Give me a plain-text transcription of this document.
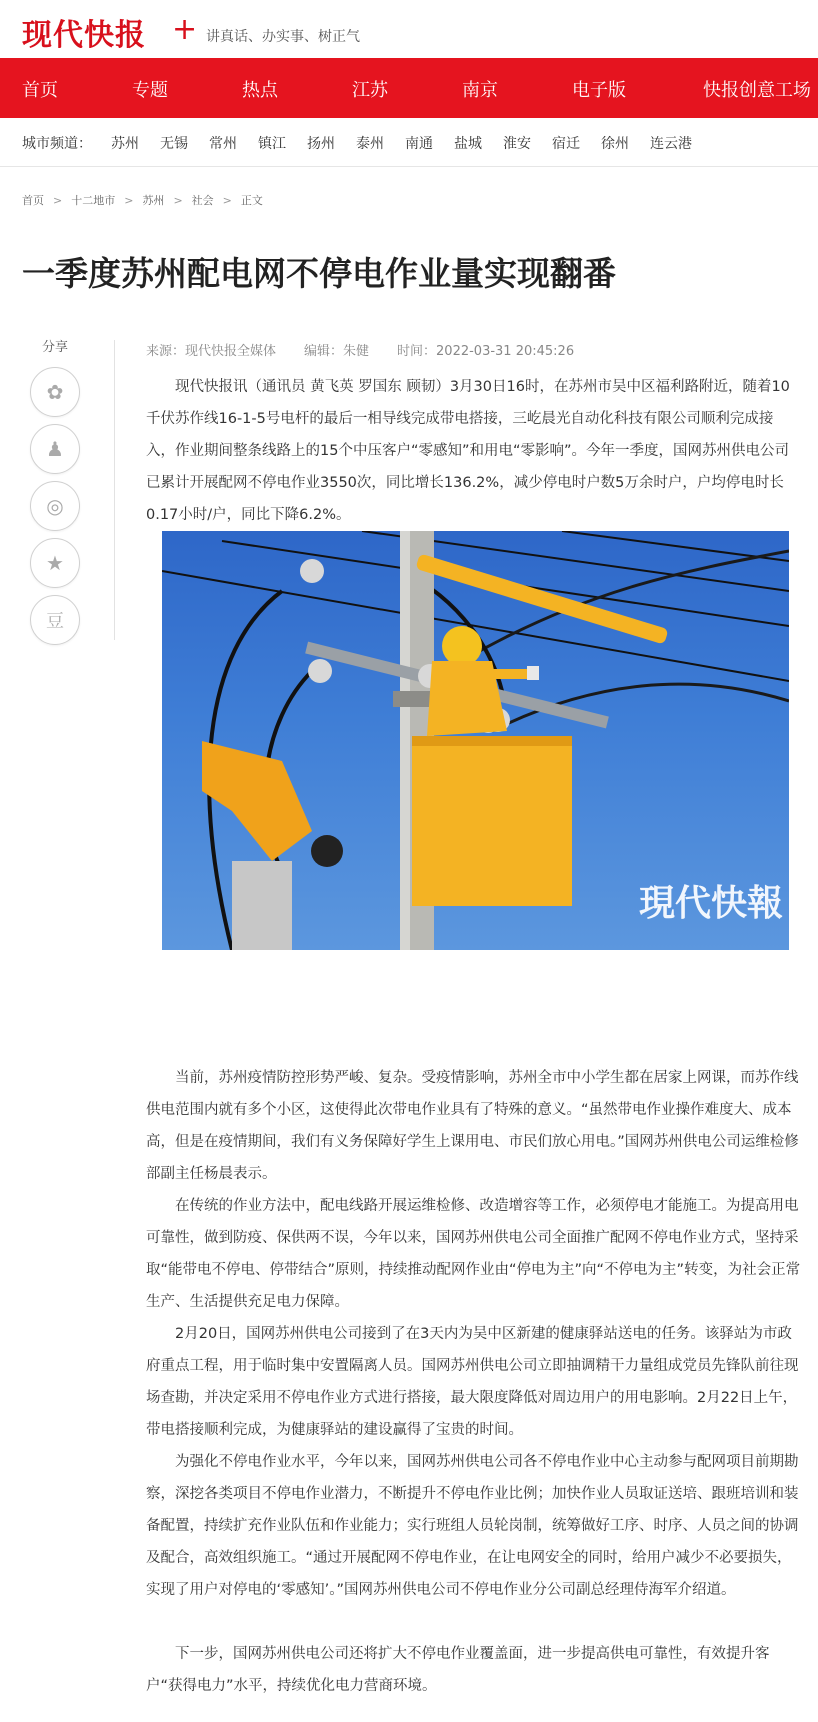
现代快报 + 讲真话、办实事、树正气
首页	专题	热点	江苏	南京	电子版	快报创意工场
城市频道： 苏州 无锡 常州 镇江 扬州 泰州 南通 盐城 淮安 宿迁 徐州 连云港
首页 > 十二地市 > 苏州 > 社会 > 正文
一季度苏州配电网不停电作业量实现翻番
分享
✿
♟
◎
★
豆
来源：现代快报全媒体 编辑：朱健 时间：2022-03-31 20:45:26

现代快报讯（通讯员 黄飞英 罗国东 顾韧）3月30日16时，在苏州市吴中区福利路附近，随着10千伏苏作线16-1-5号电杆的最后一相导线完成带电搭接，三屹晨光自动化科技有限公司顺利完成接入，作业期间整条线路上的15个中压客户“零感知”和用电“零影响”。今年一季度，国网苏州供电公司已累计开展配网不停电作业3550次，同比增长136.2%，减少停电时户数5万余时户，户均停电时长0.17小时/户，同比下降6.2%。

現代快報

当前，苏州疫情防控形势严峻、复杂。受疫情影响，苏州全市中小学生都在居家上网课，而苏作线供电范围内就有多个小区，这使得此次带电作业具有了特殊的意义。“虽然带电作业操作难度大、成本高，但是在疫情期间，我们有义务保障好学生上课用电、市民们放心用电。”国网苏州供电公司运维检修部副主任杨晨表示。

在传统的作业方法中，配电线路开展运维检修、改造增容等工作，必须停电才能施工。为提高用电可靠性，做到防疫、保供两不误，今年以来，国网苏州供电公司全面推广配网不停电作业方式，坚持采取“能带电不停电、停带结合”原则，持续推动配网作业由“停电为主”向“不停电为主”转变，为社会正常生产、生活提供充足电力保障。

2月20日，国网苏州供电公司接到了在3天内为吴中区新建的健康驿站送电的任务。该驿站为市政府重点工程，用于临时集中安置隔离人员。国网苏州供电公司立即抽调精干力量组成党员先锋队前往现场查勘，并决定采用不停电作业方式进行搭接，最大限度降低对周边用户的用电影响。2月22日上午，带电搭接顺利完成，为健康驿站的建设赢得了宝贵的时间。

为强化不停电作业水平，今年以来，国网苏州供电公司各不停电作业中心主动参与配网项目前期勘察，深挖各类项目不停电作业潜力，不断提升不停电作业比例；加快作业人员取证送培、跟班培训和装备配置，持续扩充作业队伍和作业能力；实行班组人员轮岗制，统筹做好工序、时序、人员之间的协调及配合，高效组织施工。“通过开展配网不停电作业，在让电网安全的同时，给用户减少不必要损失，实现了用户对停电的‘零感知’。”国网苏州供电公司不停电作业分公司副总经理侍海军介绍道。

下一步，国网苏州供电公司还将扩大不停电作业覆盖面，进一步提高供电可靠性，有效提升客户“获得电力”水平，持续优化电力营商环境。
